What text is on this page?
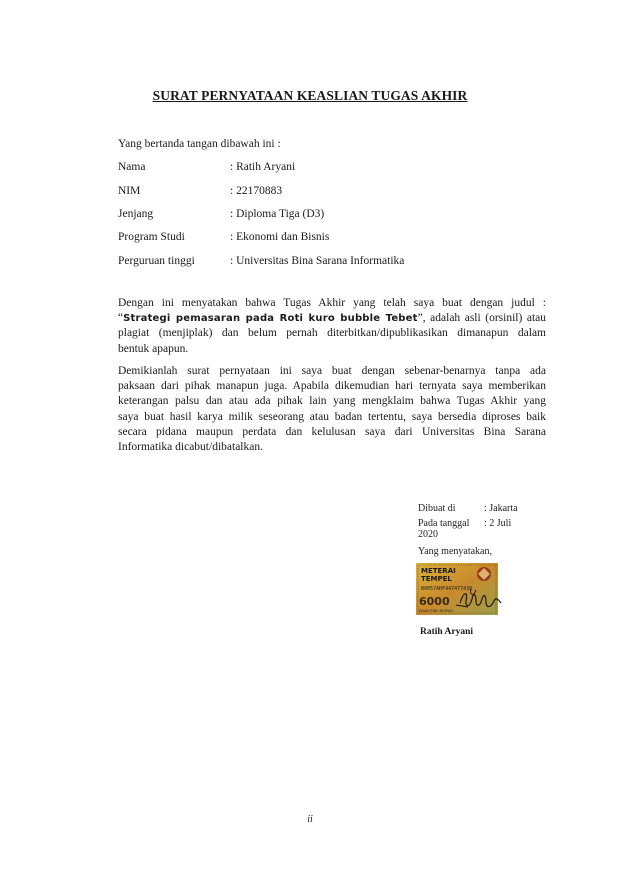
SURAT PERNYATAAN KEASLIAN TUGAS AKHIR
Yang bertanda tangan dibawah ini :
Nama	: Ratih Aryani
NIM	: 22170883
Jenjang	: Diploma Tiga (D3)
Program Studi	: Ekonomi dan Bisnis
Perguruan tinggi	: Universitas Bina Sarana Informatika
Dengan ini menyatakan bahwa Tugas Akhir yang telah saya buat dengan judul :
“Strategi pemasaran pada Roti kuro bubble Tebet”, adalah asli (orsinil) atau
plagiat (menjiplak) dan belum pernah diterbitkan/dipublikasikan dimanapun dalam
bentuk apapun.
Demikianlah surat pernyataan ini saya buat dengan sebenar-benarnya tanpa ada
paksaan dari pihak manapun juga. Apabila dikemudian hari ternyata saya memberikan
keterangan palsu dan atau ada pihak lain yang mengklaim bahwa Tugas Akhir yang
saya buat hasil karya milik seseorang atau badan tertentu, saya bersedia diproses baik
secara pidana maupun perdata dan kelulusan saya dari Universitas Bina Sarana
Informatika dicabut/dibatalkan.
Dibuat di	: Jakarta
Pada tanggal : 2 Juli
2020
Yang menyatakan,
METERAI
TEMPEL
B0057AHF447477438
6000
ENAM RIBU RUPIAH
Ratih Aryani
ii
